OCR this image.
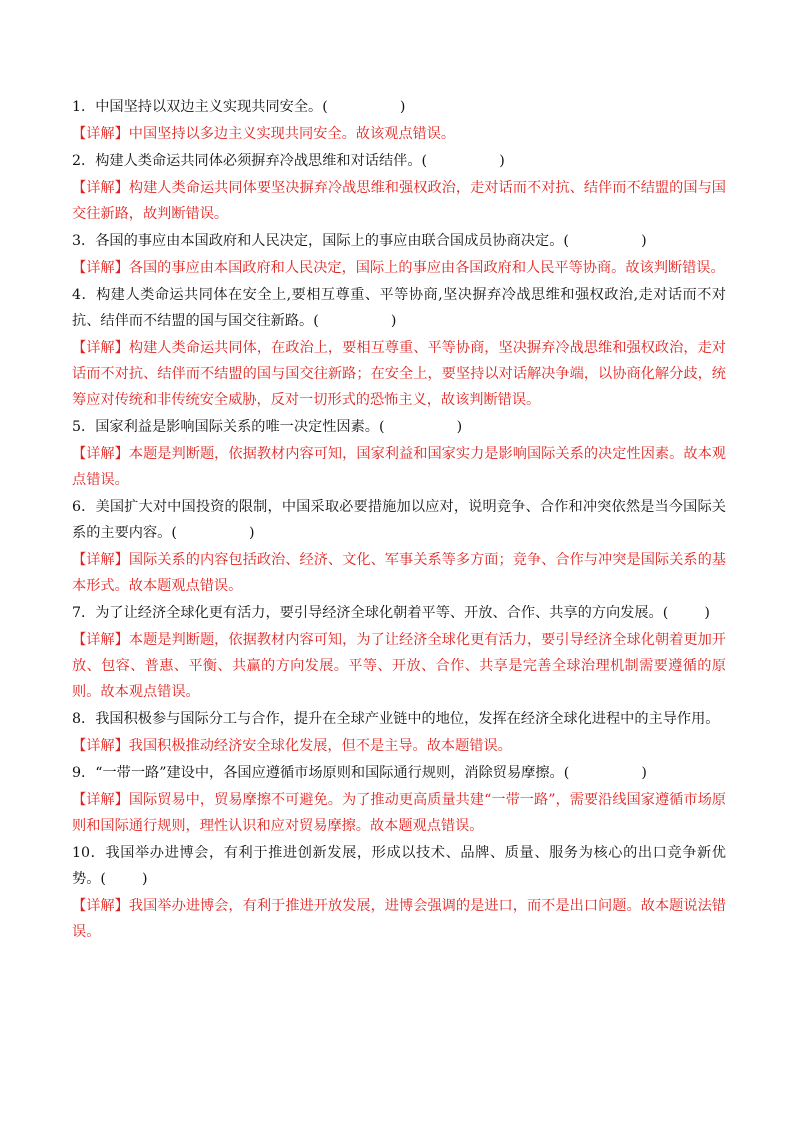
1．中国坚持以双边主义实现共同安全。(                )

【详解】中国坚持以多边主义实现共同安全。故该观点错误。

2．构建人类命运共同体必须摒弃冷战思维和对话结伴。(                )

【详解】构建人类命运共同体要坚决摒弃冷战思维和强权政治，走对话而不对抗、结伴而不结盟的国与国交往新路，故判断错误。

3．各国的事应由本国政府和人民决定，国际上的事应由联合国成员协商决定。(                )

【详解】各国的事应由本国政府和人民决定，国际上的事应由各国政府和人民平等协商。故该判断错误。

4．构建人类命运共同体在安全上,要相互尊重、平等协商,坚决摒弃冷战思维和强权政治,走对话而不对抗、结伴而不结盟的国与国交往新路。(                )

【详解】构建人类命运共同体，在政治上，要相互尊重、平等协商，坚决摒弃冷战思维和强权政治，走对话而不对抗、结伴而不结盟的国与国交往新路；在安全上，要坚持以对话解决争端，以协商化解分歧，统筹应对传统和非传统安全威胁，反对一切形式的恐怖主义，故该判断错误。

5．国家利益是影响国际关系的唯一决定性因素。(                )

【详解】本题是判断题，依据教材内容可知，国家利益和国家实力是影响国际关系的决定性因素。故本观点错误。

6．美国扩大对中国投资的限制，中国采取必要措施加以应对，说明竞争、合作和冲突依然是当今国际关系的主要内容。(                )

【详解】国际关系的内容包括政治、经济、文化、军事关系等多方面；竞争、合作与冲突是国际关系的基本形式。故本题观点错误。

7．为了让经济全球化更有活力，要引导经济全球化朝着平等、开放、合作、共享的方向发展。(        )

【详解】本题是判断题，依据教材内容可知，为了让经济全球化更有活力，要引导经济全球化朝着更加开放、包容、普惠、平衡、共赢的方向发展。平等、开放、合作、共享是完善全球治理机制需要遵循的原则。故本观点错误。

8．我国积极参与国际分工与合作，提升在全球产业链中的地位，发挥在经济全球化进程中的主导作用。

【详解】我国积极推动经济安全球化发展，但不是主导。故本题错误。

9．“一带一路”建设中，各国应遵循市场原则和国际通行规则，消除贸易摩擦。(                )

【详解】国际贸易中，贸易摩擦不可避免。为了推动更高质量共建“一带一路”，需要沿线国家遵循市场原则和国际通行规则，理性认识和应对贸易摩擦。故本题观点错误。

10．我国举办进博会，有利于推进创新发展，形成以技术、品牌、质量、服务为核心的出口竞争新优势。(        )

【详解】我国举办进博会，有利于推进开放发展，进博会强调的是进口，而不是出口问题。故本题说法错误。
